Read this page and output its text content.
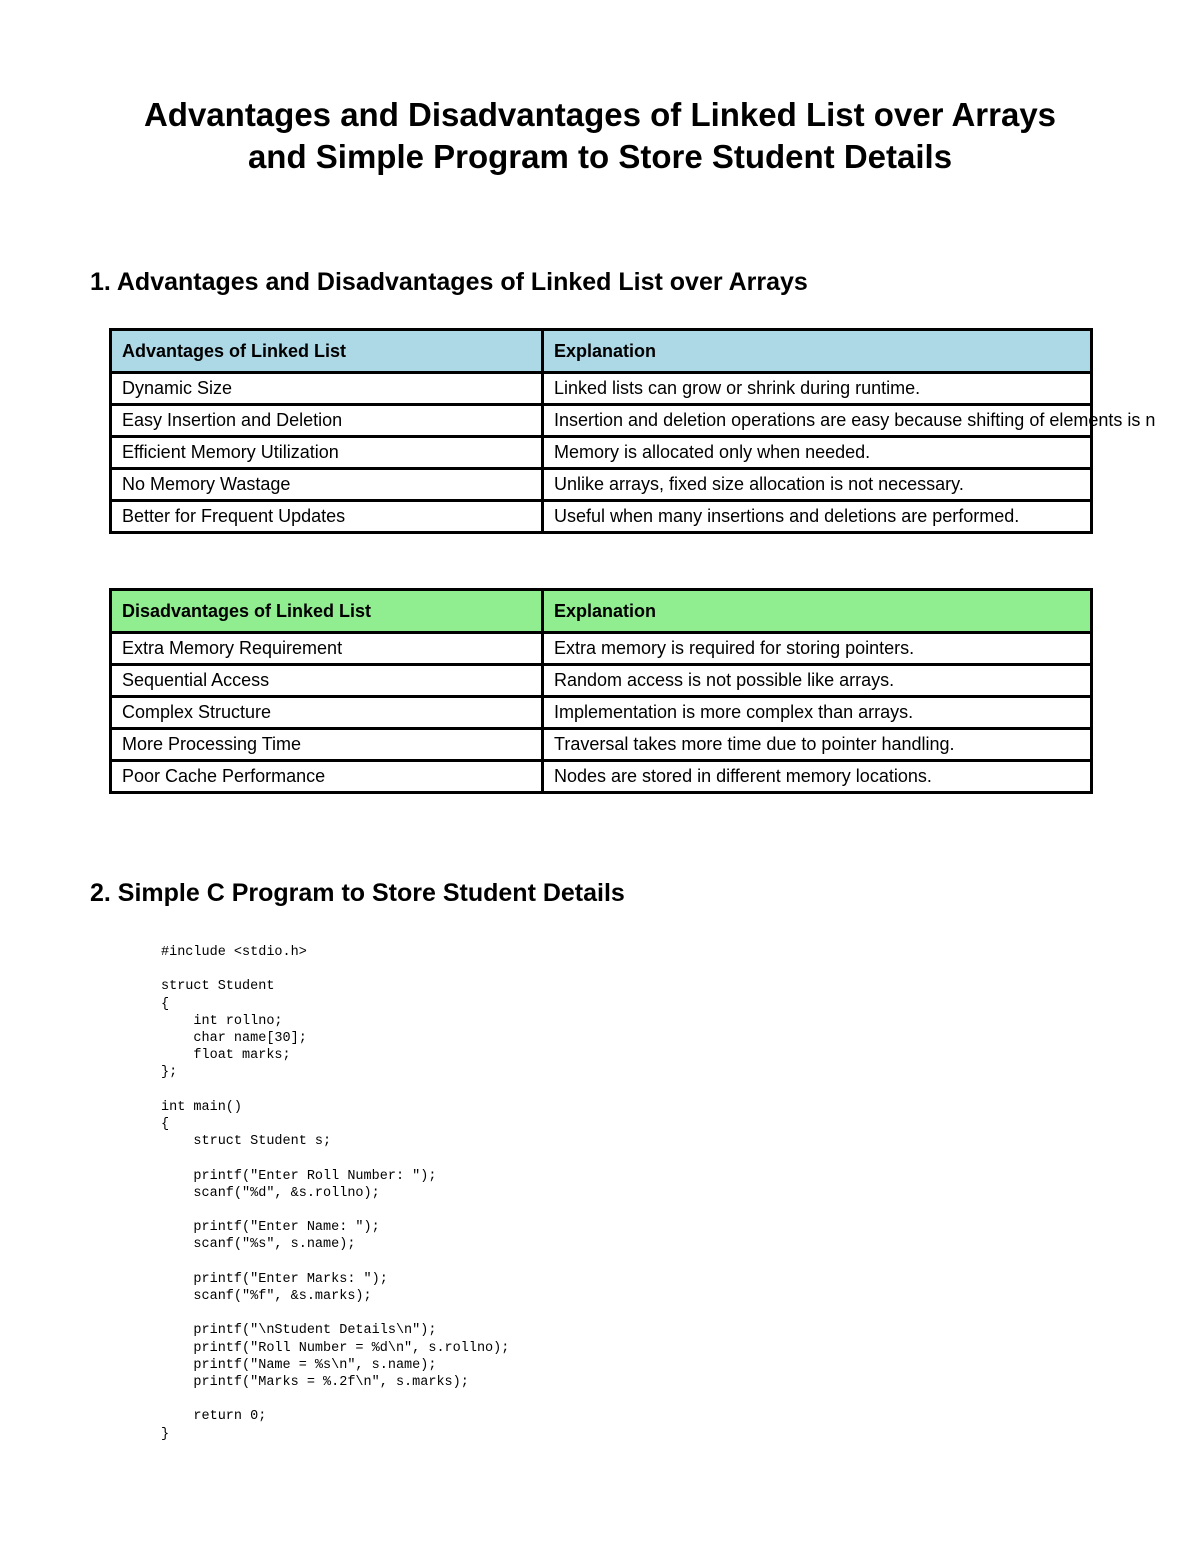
Advantages and Disadvantages of Linked List over Arrays
and Simple Program to Store Student Details
1. Advantages and Disadvantages of Linked List over Arrays
Advantages of Linked List	Explanation
Dynamic Size	Linked lists can grow or shrink during runtime.
Easy Insertion and Deletion	Insertion and deletion operations are easy because shifting of elements is n
Efficient Memory Utilization	Memory is allocated only when needed.
No Memory Wastage	Unlike arrays, fixed size allocation is not necessary.
Better for Frequent Updates	Useful when many insertions and deletions are performed.
Disadvantages of Linked List	Explanation
Extra Memory Requirement	Extra memory is required for storing pointers.
Sequential Access	Random access is not possible like arrays.
Complex Structure	Implementation is more complex than arrays.
More Processing Time	Traversal takes more time due to pointer handling.
Poor Cache Performance	Nodes are stored in different memory locations.
2. Simple C Program to Store Student Details
#include <stdio.h>

struct Student
{
int rollno;
char name[30];
float marks;
};

int main()
{
struct Student s;

printf("Enter Roll Number: ");
scanf("%d", &s.rollno);

printf("Enter Name: ");
scanf("%s", s.name);

printf("Enter Marks: ");
scanf("%f", &s.marks);

printf("\nStudent Details\n");
printf("Roll Number = %d\n", s.rollno);
printf("Name = %s\n", s.name);
printf("Marks = %.2f\n", s.marks);

return 0;
}
